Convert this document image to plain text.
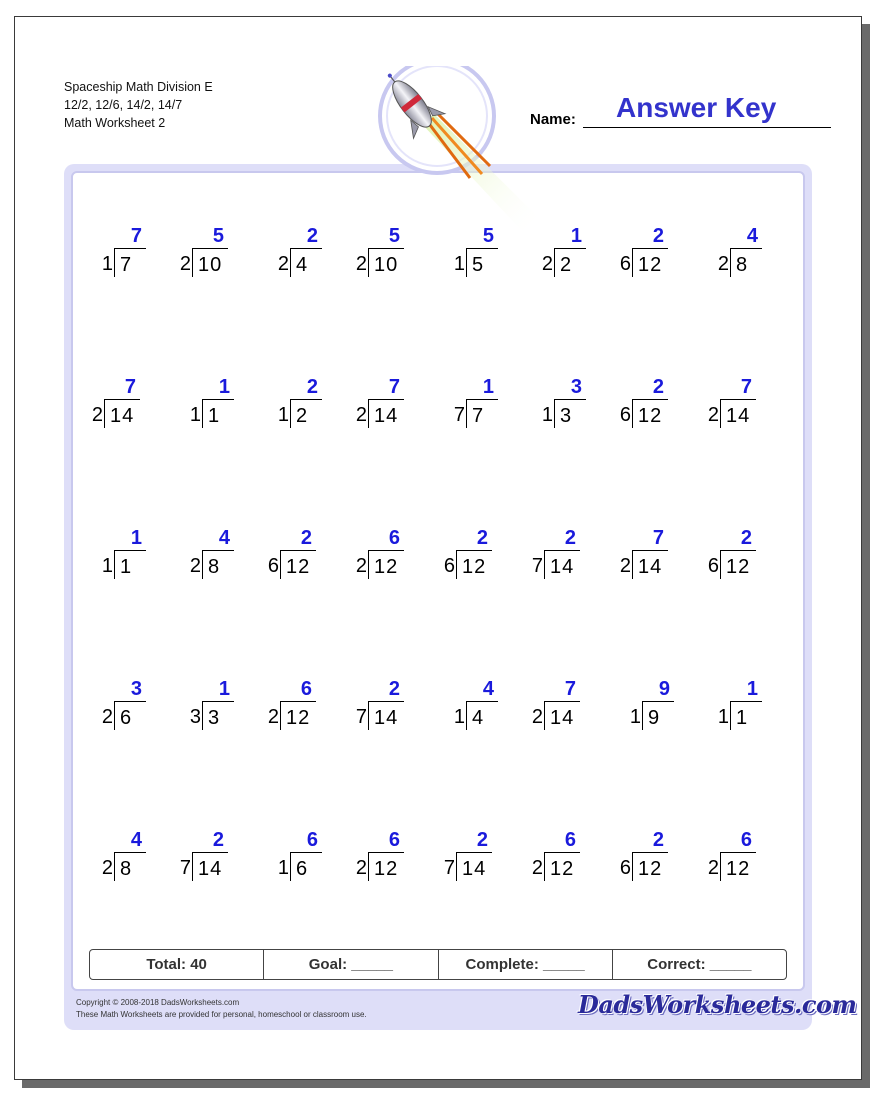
Spaceship Math Division E
12/2, 12/6, 14/2, 14/7
Math Worksheet 2	Answer Key
Name:
7
1 7
5
2 10
2
2 4
5
2 10
5
1 5
1
2 2
2
6 12
4
2 8
7
2 14
1
1 1
2
1 2
7
2 14
1
7 7
3
1 3
2
6 12
7
2 14
1
1 1
4
2 8
2
6 12
6
2 12
2
6 12
2
7 14
7
2 14
2
6 12
3
2 6
1
3 3
6
2 12
2
7 14
4
1 4
7
2 14
9
1 9
1
1 1
4
2 8
2
7 14
6
1 6
6
2 12
2
7 14
6
2 12
2
6 12
6
2 12
Total: 40	Goal: _____	Complete: _____	Correct: _____
Copyright © 2008-2018 DadsWorksheets.com
These Math Worksheets are provided for personal, homeschool or classroom use.	DadsWorksheets.com
